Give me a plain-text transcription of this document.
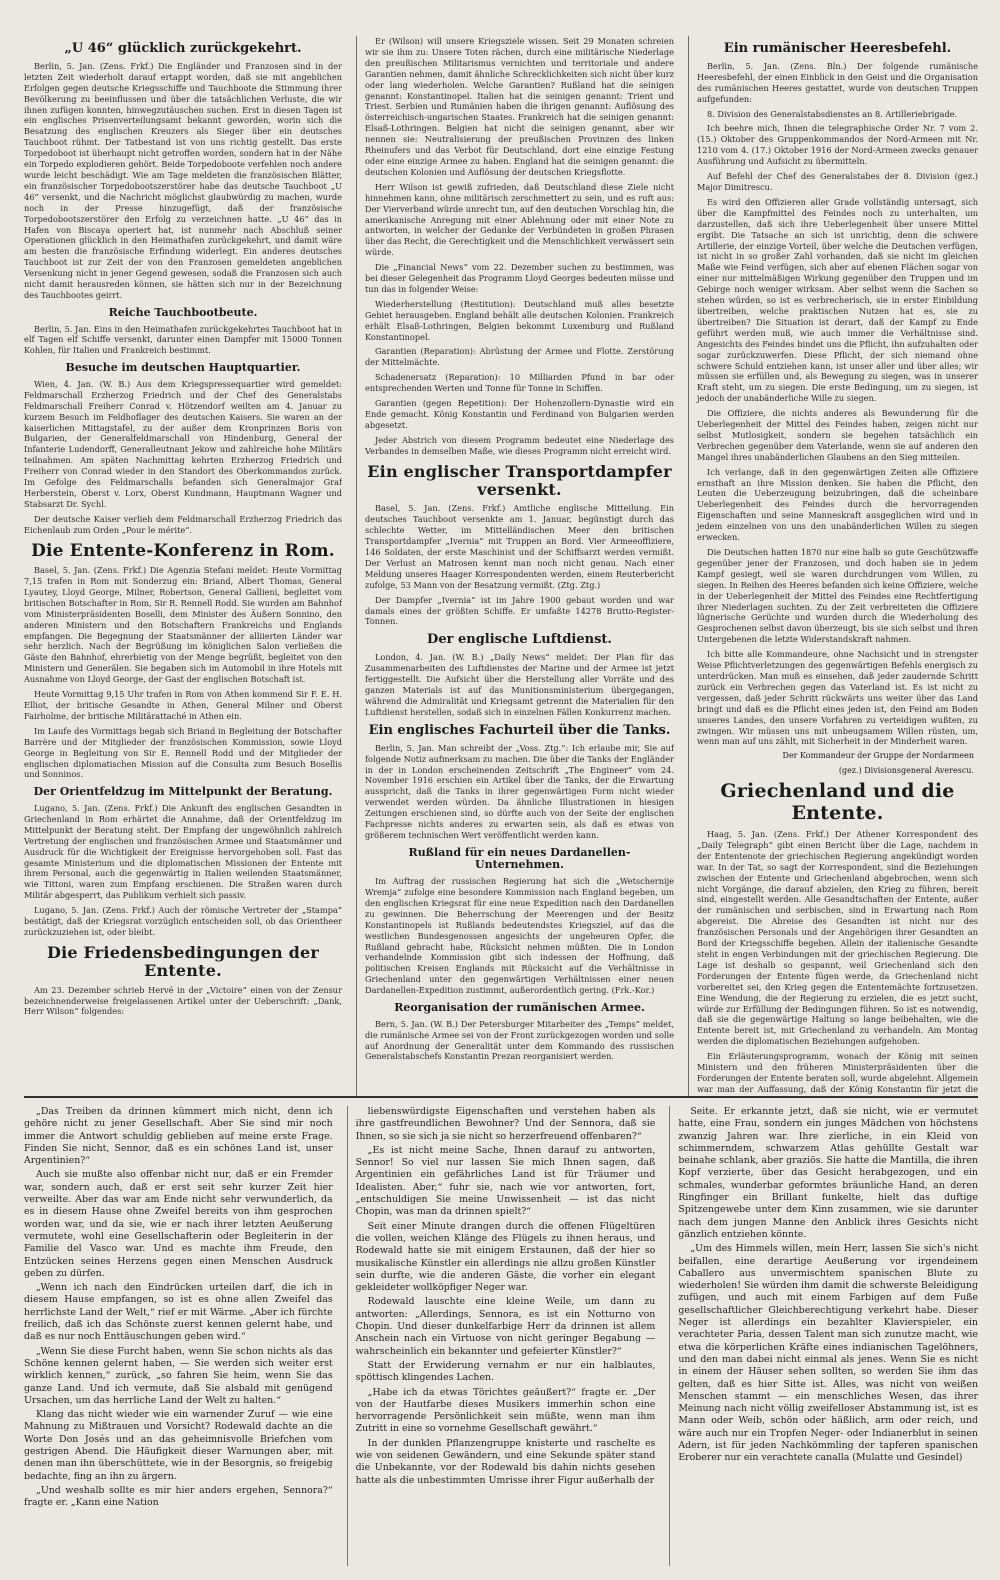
„U 46“ glücklich zurückgekehrt.

Berlin, 5. Jan. (Zens. Frkf.) Die Engländer und Franzosen sind in der letzten Zeit wiederholt darauf ertappt worden, daß sie mit angeblichen Erfolgen gegen deutsche Kriegsschiffe und Tauchboote die Stimmung ihrer Bevölkerung zu beeinflussen und über die tatsächlichen Verluste, die wir ihnen zufügen konnten, hinwegzutäuschen suchen. Erst in diesen Tagen ist ein englisches Prisenverteilungsamt bekannt geworden, worin sich die Besatzung des englischen Kreuzers als Sieger über ein deutsches Tauchboot rühmt. Der Tatbestand ist von uns richtig gestellt. Das erste Torpedoboot ist überhaupt nicht getroffen worden, sondern hat in der Nähe ein Torpedo explodieren gehört. Beide Torpedoboote verfehlen noch andere wurde leicht beschädigt. Wie am Tage meldeten die französischen Blätter, ein französischer Torpedobootszerstörer habe das deutsche Tauchboot „U 46“ versenkt, und die Nachricht möglichst glaubwürdig zu machen, wurde noch in der Presse hinzugefügt, daß der französische Torpedobootszerstörer den Erfolg zu verzeichnen hatte. „U 46“ das in Hafen von Biscaya operiert hat, ist nunmehr nach Abschluß seiner Operationen glücklich in den Heimathafen zurückgekehrt, und damit wäre am besten die französische Erfindung widerlegt. Ein anderes deutsches Tauchboot ist zur Zeit der von den Franzosen gemeldeten angeblichen Versenkung nicht in jener Gegend gewesen, sodaß die Franzosen sich auch nicht damit herausreden können, sie hätten sich nur in der Bezeichnung des Tauchbootes geirrt.

Reiche Tauchbootbeute.

Berlin, 5. Jan. Eins in den Heimathafen zurückgekehrtes Tauchboot hat in elf Tagen elf Schiffe versenkt, darunter einen Dampfer mit 15000 Tonnen Kohlen, für Italien und Frankreich bestimmt.

Besuche im deutschen Hauptquartier.

Wien, 4. Jan. (W. B.) Aus dem Kriegspressequartier wird gemeldet: Feldmarschall Erzherzog Friedrich und der Chef des Generalstabs Feldmarschall Freiherr Conrad v. Hötzendorf weilten am 4. Januar zu kurzem Besuch im Feldhoflager des deutschen Kaisers. Sie waren an der kaiserlichen Mittagstafel, zu der außer dem Kronprinzen Boris von Bulgarien, der Generalfeldmarschall von Hindenburg, General der Infanterie Ludendorff, Generalleutnant Jekow und zahlreiche hohe Militärs teilnahmen. Am späten Nachmittag kehrten Erzherzog Friedrich und Freiherr von Conrad wieder in den Standort des Oberkommandos zurück. Im Gefolge des Feldmarschalls befanden sich Generalmajor Graf Herberstein, Oberst v. Lorx, Oberst Kundmann, Hauptmann Wagner und Stabsarzt Dr. Sychl.

Der deutsche Kaiser verlieh dem Feldmarschall Erzherzog Friedrich das Eichenlaub zum Orden „Pour le mérite“.

Die Entente-Konferenz in Rom.

Basel, 5. Jan. (Zens. Frkf.) Die Agenzia Stefani meldet: Heute Vormittag 7,15 trafen in Rom mit Sonderzug ein: Briand, Albert Thomas, General Lyautey, Lloyd George, Milner, Robertson, General Gallieni, begleitet vom britischen Botschafter in Rom, Sir R. Rennell Rodd. Sie wurden am Bahnhof vom Ministerpräsidenten Boselli, dem Minister des Äußern Sonnino, den anderen Ministern und den Botschaftern Frankreichs und Englands empfangen. Die Begegnung der Staatsmänner der alliierten Länder war sehr herzlich. Nach der Begrüßung im königlichen Salon verließen die Gäste den Bahnhof, ehrerbietig von der Menge begrüßt, begleitet von den Ministern und Generälen. Sie begaben sich im Automobil in ihre Hotels mit Ausnahme von Lloyd George, der Gast der englischen Botschaft ist.

Heute Vormittag 9,15 Uhr trafen in Rom von Athen kommend Sir F. E. H. Elliot, der britische Gesandte in Athen, General Milner und Oberst Fairholme, der britische Militärattaché in Athen ein.

Im Laufe des Vormittags begab sich Briand in Begleitung der Botschafter Barrère und der Mitglieder der französischen Kommission, sowie Lloyd George in Begleitung von Sir E. Rennell Rodd und der Mitglieder der englischen diplomatischen Mission auf die Consulta zum Besuch Bosellis und Sonninos.

Der Orientfeldzug im Mittelpunkt der Beratung.

Lugano, 5. Jan. (Zens. Frkf.) Die Ankunft des englischen Gesandten in Griechenland in Rom erhärtet die Annahme, daß der Orientfeldzug im Mittelpunkt der Beratung steht. Der Empfang der ungewöhnlich zahlreich Vertretung der englischen und französischen Armee und Staatsmänner und Ausdruck für die Wichtigkeit der Ereignisse hervorgehoben soll. Fast das gesamte Ministerium und die diplomatischen Missionen der Entente mit ihrem Personal, auch die gegenwärtig in Italien weilenden Staatsmänner, wie Tittoni, waren zum Empfang erschienen. Die Straßen waren durch Militär abgesperrt, das Publikum verhielt sich passiv.

Lugano, 5. Jan. (Zens. Frkf.) Auch der römische Vertreter der „Stampa“ bestätigt, daß der Kriegsrat vorzüglich entscheiden soll, ob das Orientheer zurückzuziehen ist, oder bleibt.

Die Friedensbedingungen der Entente.

Am 23. Dezember schrieb Hervé in der „Victoire“ einen von der Zensur bezeichnenderweise freigelassenen Artikel unter der Ueberschrift: „Dank, Herr Wilson“ folgendes:

Er (Wilson) will unsere Kriegsziele wissen. Seit 29 Monaten schreien wir sie ihm zu: Unsere Toten rächen, durch eine militärische Niederlage den preußischen Militarismus vernichten und territoriale und andere Garantien nehmen, damit ähnliche Schrecklichkeiten sich nicht über kurz oder lang wiederholen. Welche Garantien? Rußland hat die seinigen genannt: Konstantinopel. Italien hat die seinigen genannt: Trient und Triest. Serbien und Rumänien haben die ihrigen genannt: Auflösung des österreichisch-ungarischen Staates. Frankreich hat die seinigen genannt: Elsaß-Lothringen. Belgien hat nicht die seinigen genannt, aber wir nennen sie: Neutralisierung der preußischen Provinzen des linken Rheinufers und das Verbot für Deutschland, dort eine einzige Festung oder eine einzige Armee zu haben. England hat die seinigen genannt: die deutschen Kolonien und Auflösung der deutschen Kriegsflotte.

Herr Wilson ist gewiß zufrieden, daß Deutschland diese Ziele nicht hinnehmen kann, ohne militärisch zerschmettert zu sein, und es ruft aus: Der Vierverband würde unrecht tun, auf den deutschen Vorschlag hin, die amerikanische Anregung mit einer Ablehnung oder mit einer Note zu antworten, in welcher der Gedanke der Verbündeten in großen Phrasen über das Recht, die Gerechtigkeit und die Menschlichkeit verwässert sein würde.

Die „Financial News“ vom 22. Dezember suchen zu bestimmen, was bei dieser Gelegenheit das Programm Lloyd Georges bedeuten müsse und tun das in folgender Weise:

Wiederherstellung (Restitution): Deutschland muß alles besetzte Gebiet herausgeben. England behält alle deutschen Kolonien. Frankreich erhält Elsaß-Lothringen, Belgien bekommt Luxemburg und Rußland Konstantinopel.

Garantien (Reparation): Abrüstung der Armee und Flotte. Zerstörung der Mittelmächte.

Schadenersatz (Reparation): 10 Milliarden Pfund in bar oder entsprechenden Werten und Tonne für Tonne in Schiffen.

Garantien (gegen Repetition): Der Hohenzollern-Dynastie wird ein Ende gemacht. König Konstantin und Ferdinand von Bulgarien werden abgesetzt.

Jeder Abstrich von diesem Programm bedeutet eine Niederlage des Verbandes in demselben Maße, wie dieses Programm nicht erreicht wird.

Ein englischer Transportdampfer versenkt.

Basel, 5. Jan. (Zens. Frkf.) Amtliche englische Mitteilung. Ein deutsches Tauchboot versenkte am 1. Januar, begünstigt durch das schlechte Wetter, im Mittelländischen Meer den britischen Transportdampfer „Ivernia“ mit Truppen an Bord. Vier Armeeoffiziere, 146 Soldaten, der erste Maschinist und der Schiffsarzt werden vermißt. Der Verlust an Matrosen kennt man noch nicht genau. Nach einer Meldung unseres Haager Korrespondenten werden, einem Reuterbericht zufolge, 53 Mann von der Besatzung vermißt. (Ztg. Ztg.)

Der Dampfer „Ivernia“ ist im Jahre 1900 gebaut worden und war damals eines der größten Schiffe. Er umfaßte 14278 Brutto-Register-Tonnen.

Der englische Luftdienst.

London, 4. Jan. (W. B.) „Daily News“ meldet: Der Plan für das Zusammenarbeiten des Luftdienstes der Marine und der Armee ist jetzt fertiggestellt. Die Aufsicht über die Herstellung aller Vorräte und des ganzen Materials ist auf das Munitionsministerium übergegangen, während die Admiralität und Kriegsamt getrennt die Materialien für den Luftdienst herstellen, sodaß sich in einzelnen Fällen Konkurrenz machen.

Ein englisches Fachurteil über die Tanks.

Berlin, 5. Jan. Man schreibt der „Voss. Ztg.“: Ich erlaube mir, Sie auf folgende Notiz aufmerksam zu machen. Die über die Tanks der Engländer in der in London erscheinenden Zeitschrift „The Engineer“ vom 24. November 1916 erschien ein Artikel über die Tanks, der die Erwartung ausspricht, daß die Tanks in ihrer gegenwärtigen Form nicht wieder verwendet werden würden. Da ähnliche Illustrationen in hiesigen Zeitungen erschienen sind, so dürfte auch von der Seite der englischen Fachpresse nichts anderes zu erwarten sein, als daß es etwas von größerem technischen Wert veröffentlicht werden kann.

Rußland für ein neues Dardanellen-Unternehmen.

Im Auftrag der russischen Regierung hat sich die „Wetschernije Wremja“ zufolge eine besondere Kommission nach England begeben, um den englischen Kriegsrat für eine neue Expedition nach den Dardanellen zu gewinnen. Die Beherrschung der Meerengen und der Besitz Konstantinopels ist Rußlands bedeutendstes Kriegsziel, auf das die westlichen Bundesgenossen angesichts der ungeheuren Opfer, die Rußland gebracht habe, Rücksicht nehmen müßten. Die in London verhandelnde Kommission gibt sich indessen der Hoffnung, daß politischen Kreisen Englands mit Rücksicht auf die Verhältnisse in Griechenland unter den gegenwärtigen Verhältnissen einer neuen Dardanellen-Expedition zustimmt, außerordentlich gering. (Frk.-Kor.)

Reorganisation der rumänischen Armee.

Bern, 5. Jan. (W. B.) Der Petersburger Mitarbeiter des „Temps“ meldet, die rumänische Armee sei von der Front zurückgezogen worden und solle auf Anordnung der Generalität unter dem Kommando des russischen Generalstabschefs Konstantin Prezan reorganisiert werden.

Ein rumänischer Heeresbefehl.

Berlin, 5. Jan. (Zens. Bln.) Der folgende rumänische Heeresbefehl, der einen Einblick in den Geist und die Organisation des rumänischen Heeres gestattet, wurde von deutschen Truppen aufgefunden:

8. Division des Generalstabsdienstes an 8. Artilleriebrigade.

Ich beehre mich, Ihnen die telegraphische Order Nr. 7 vom 2. (15.) Oktober des Gruppenkommandos der Nord-Armeen mit Nr. 1210 vom 4. (17.) Oktober 1916 der Nord-Armeen zwecks genauer Ausführung und Aufsicht zu übermitteln.

Auf Befehl der Chef des Generalstabes der 8. Division (gez.) Major Dimitrescu.

Es wird den Offizieren aller Grade vollständig untersagt, sich über die Kampfmittel des Feindes noch zu unterhalten, um darzustellen, daß sich ihre Ueberlegenheit über unsere Mittel ergibt. Die Tatsache an sich ist unrichtig, denn die schwere Artillerie, der einzige Vorteil, über welche die Deutschen verfügen, ist nicht in so großer Zahl vorhanden, daß sie nicht im gleichen Maße wie Feind verfügen, sich aber auf ebenen Flächen sogar von einer nur mittelmäßigen Wirkung gegenüber den Truppen und im Gebirge noch weniger wirksam. Aber selbst wenn die Sachen so stehen würden, so ist es verbrecherisch, sie in erster Einbildung übertreiben, welche praktischen Nutzen hat es, sie zu übertreiben? Die Situation ist derart, daß der Kampf zu Ende geführt werden muß, wie auch immer die Verhältnisse sind. Angesichts des Feindes bindet uns die Pflicht, ihn aufzuhalten oder sogar zurückzuwerfen. Diese Pflicht, der sich niemand ohne schwere Schuld entziehen kann, ist unser aller und über alles; wir müssen sie erfüllen und, als Bewegung zu siegen, was in unserer Kraft steht, um zu siegen. Die erste Bedingung, um zu siegen, ist jedoch der unabänderliche Wille zu siegen.

Die Offiziere, die nichts anderes als Bewunderung für die Ueberlegenheit der Mittel des Feindes haben, zeigen nicht nur selbst Mutlosigkeit, sondern sie begehen tatsächlich ein Verbrechen gegenüber dem Vaterlande, wenn sie auf anderen den Mangel ihres unabänderlichen Glaubens an den Sieg mitteilen.

Ich verlange, daß in den gegenwärtigen Zeiten alle Offiziere ernsthaft an ihre Mission denken. Sie haben die Pflicht, den Leuten die Ueberzeugung beizubringen, daß die scheinbare Ueberlegenheit des Feindes durch die hervorragenden Eigenschaften und seine Manneskraft ausgeglichen wird und in jedem einzelnen von uns den unabänderlichen Willen zu siegen erwecken.

Die Deutschen hatten 1870 nur eine halb so gute Geschützwaffe gegenüber jener der Franzosen, und doch haben sie in jedem Kampf gesiegt, weil sie waren durchdrungen vom Willen, zu siegen. In Reihen des Heeres befanden sich keine Offiziere, welche in der Ueberlegenheit der Mittel des Feindes eine Rechtfertigung ihrer Niederlagen suchten. Zu der Zeit verbreiteten die Offiziere lügnerische Gerüchte und wurden durch die Wiederholung des Gesprochenen selbst davon überzeugt, bis sie sich selbst und ihren Untergebenen die letzte Widerstandskraft nahmen.

Ich bitte alle Kommandeure, ohne Nachsicht und in strengster Weise Pflichtverletzungen des gegenwärtigen Befehls energisch zu unterdrücken. Man muß es einsehen, daß jeder zaudernde Schritt zurück ein Verbrechen gegen das Vaterland ist. Es ist nicht zu vergessen, daß jeder Schritt rückwärts uns weiter über das Land bringt und daß es die Pflicht eines jeden ist, den Feind am Boden unseres Landes, den unsere Vorfahren zu verteidigen wußten, zu zwingen. Wir müssen uns mit unbeugsamem Willen rüsten, um, wenn man auf uns zählt, mit Sicherheit in der Minderheit waren.

Der Kommandeur der Gruppe der Nordarmeen
(gez.) Divisionsgeneral Averescu.
Griechenland und die Entente.

Haag, 5. Jan. (Zens. Frkf.) Der Athener Korrespondent des „Daily Telegraph“ gibt einen Bericht über die Lage, nachdem in der Ententenote der griechischen Regierung angekündigt worden war. In der Tat, so sagt der Korrespondent, sind die Beziehungen zwischen der Entente und Griechenland abgebrochen, wenn sich nicht Vorgänge, die darauf abzielen, den Krieg zu führen, bereit sind, eingestellt werden. Alle Gesandtschaften der Entente, außer der rumänischen und serbischen, sind in Erwartung nach Rom abgereist. Die Abreise des Gesandten ist nicht nur des französischen Personals und der Angehörigen ihrer Gesandten an Bord der Kriegsschiffe begeben. Allein der italienische Gesandte steht in engen Verbindungen mit der griechischen Regierung. Die Lage ist deshalb so gespannt, weil Griechenland sich den Forderungen der Entente fügen werde, da Griechenland nicht vorbereitet sei, den Krieg gegen die Ententemächte fortzusetzen. Eine Wendung, die der Regierung zu erzielen, die es jetzt sucht, würde zur Erfüllung der Bedingungen führen. So ist es notwendig, daß sie die gegenwärtige Haltung so lange beibehalten, wie die Entente bereit ist, mit Griechenland zu verhandeln. Am Montag werden die diplomatischen Beziehungen aufgehoben.

Ein Erläuterungsprogramm, wonach der König mit seinen Ministern und den früheren Ministerpräsidenten über die Forderungen der Entente beraten soll, wurde abgelehnt. Allgemein war man der Auffassung, daß der König Konstantin für jetzt die

„Das Treiben da drinnen kümmert mich nicht, denn ich gehöre nicht zu jener Gesellschaft. Aber Sie sind mir noch immer die Antwort schuldig geblieben auf meine erste Frage. Finden Sie nicht, Sennor, daß es ein schönes Land ist, unser Argentinien?“

Auch sie mußte also offenbar nicht nur, daß er ein Fremder war, sondern auch, daß er erst seit sehr kurzer Zeit hier verweilte. Aber das war am Ende nicht sehr verwunderlich, da es in diesem Hause ohne Zweifel bereits von ihm gesprochen worden war, und da sie, wie er nach ihrer letzten Aeußerung vermutete, wohl eine Gesellschafterin oder Begleiterin in der Familie del Vasco war. Und es machte ihm Freude, den Entzücken seines Herzens gegen einen Menschen Ausdruck geben zu dürfen.

„Wenn ich nach den Eindrücken urteilen darf, die ich in diesem Hause empfangen, so ist es ohne allen Zweifel das herrlichste Land der Welt,“ rief er mit Wärme. „Aber ich fürchte freilich, daß ich das Schönste zuerst kennen gelernt habe, und daß es nur noch Enttäuschungen geben wird.“

„Wenn Sie diese Furcht haben, wenn Sie schon nichts als das Schöne kennen gelernt haben, — Sie werden sich weiter erst wirklich kennen,“ zurück, „so fahren Sie heim, wenn Sie das ganze Land. Und ich vermute, daß Sie alsbald mit genügend Ursachen, um das herrliche Land der Welt zu halten.“

Klang das nicht wieder wie ein warnender Zuruf — wie eine Mahnung zu Mißtrauen und Vorsicht? Rodewald dachte an die Worte Don Josés und an das geheimnisvolle Briefchen vom gestrigen Abend. Die Häufigkeit dieser Warnungen aber, mit denen man ihn überschüttete, wie in der Besorgnis, so freigebig bedachte, fing an ihn zu ärgern.

„Und weshalb sollte es mir hier anders ergehen, Sennora?“ fragte er. „Kann eine Nation

liebenswürdigste Eigenschaften und verstehen haben als ihre gastfreundlichen Bewohner? Und der Sennora, daß sie Ihnen, so sie sich ja sie nicht so herzerfreuend offenbaren?“

„Es ist nicht meine Sache, Ihnen darauf zu antworten, Sennor! So viel nur lassen Sie mich Ihnen sagen, daß Argentinien ein gefährliches Land ist für Träumer und Idealisten. Aber,“ fuhr sie, nach wie vor antworten, fort, „entschuldigen Sie meine Unwissenheit — ist das nicht Chopin, was man da drinnen spielt?“

Seit einer Minute drangen durch die offenen Flügeltüren die vollen, weichen Klänge des Flügels zu ihnen heraus, und Rodewald hatte sie mit einigem Erstaunen, daß der hier so musikalische Künstler ein allerdings nie allzu großen Künstler sein durfte, wie die anderen Gäste, die vorher ein elegant gekleideter wollköpfiger Neger war.

Rodewald lauschte eine kleine Weile, um dann zu antworten: „Allerdings, Sennora, es ist ein Notturno von Chopin. Und dieser dunkelfarbige Herr da drinnen ist allem Anschein nach ein Virtuose von nicht geringer Begabung — wahrscheinlich ein bekannter und gefeierter Künstler?“

Statt der Erwiderung vernahm er nur ein halblautes, spöttisch klingendes Lachen.

„Habe ich da etwas Törichtes geäußert?“ fragte er. „Der von der Hautfarbe dieses Musikers immerhin schon eine hervorragende Persönlichkeit sein müßte, wenn man ihm Zutritt in eine so vornehme Gesellschaft gewährt.“

In der dunklen Pflanzengruppe knisterte und raschelte es wie von seidenen Gewändern, und eine Sekunde später stand die Unbekannte, vor der Rodewald bis dahin nichts gesehen hatte als die unbestimmten Umrisse ihrer Figur außerhalb der

Seite. Er erkannte jetzt, daß sie nicht, wie er vermutet hatte, eine Frau, sondern ein junges Mädchen von höchstens zwanzig Jahren war. Ihre zierliche, in ein Kleid von schimmerndem, schwarzem Atlas gehüllte Gestalt war beinahe schlank, aber graziös. Sie hatte die Mantilla, die ihren Kopf verzierte, über das Gesicht herabgezogen, und ein schmales, wunderbar geformtes bräunliche Hand, an deren Ringfinger ein Brillant funkelte, hielt das duftige Spitzengewebe unter dem Kinn zusammen, wie sie darunter nach dem jungen Manne den Anblick ihres Gesichts nicht gänzlich entziehen könnte.

„Um des Himmels willen, mein Herr, lassen Sie sich's nicht beifallen, eine derartige Aeußerung vor irgendeinem Caballero aus unvermischtem spanischen Blute zu wiederholen! Sie würden ihm damit die schwerste Beleidigung zufügen, und auch mit einem Farbigen auf dem Fuße gesellschaftlicher Gleichberechtigung verkehrt habe. Dieser Neger ist allerdings ein bezahlter Klavierspieler, ein verachteter Paria, dessen Talent man sich zunutze macht, wie etwa die körperlichen Kräfte eines indianischen Tagelöhners, und den man dabei nicht einmal als jenes. Wenn Sie es nicht in einem der Häuser sehen sollten, so werden Sie ihm das gelten, daß es hier Sitte ist. Alles, was nicht von weißen Menschen stammt — ein menschliches Wesen, das ihrer Meinung nach nicht völlig zweifelloser Abstammung ist, ist es Mann oder Weib, schön oder häßlich, arm oder reich, und wäre auch nur ein Tropfen Neger- oder Indianerblut in seinen Adern, ist für jeden Nachkömmling der tapferen spanischen Eroberer nur ein verachtete canalla (Mulatte und Gesindel)
